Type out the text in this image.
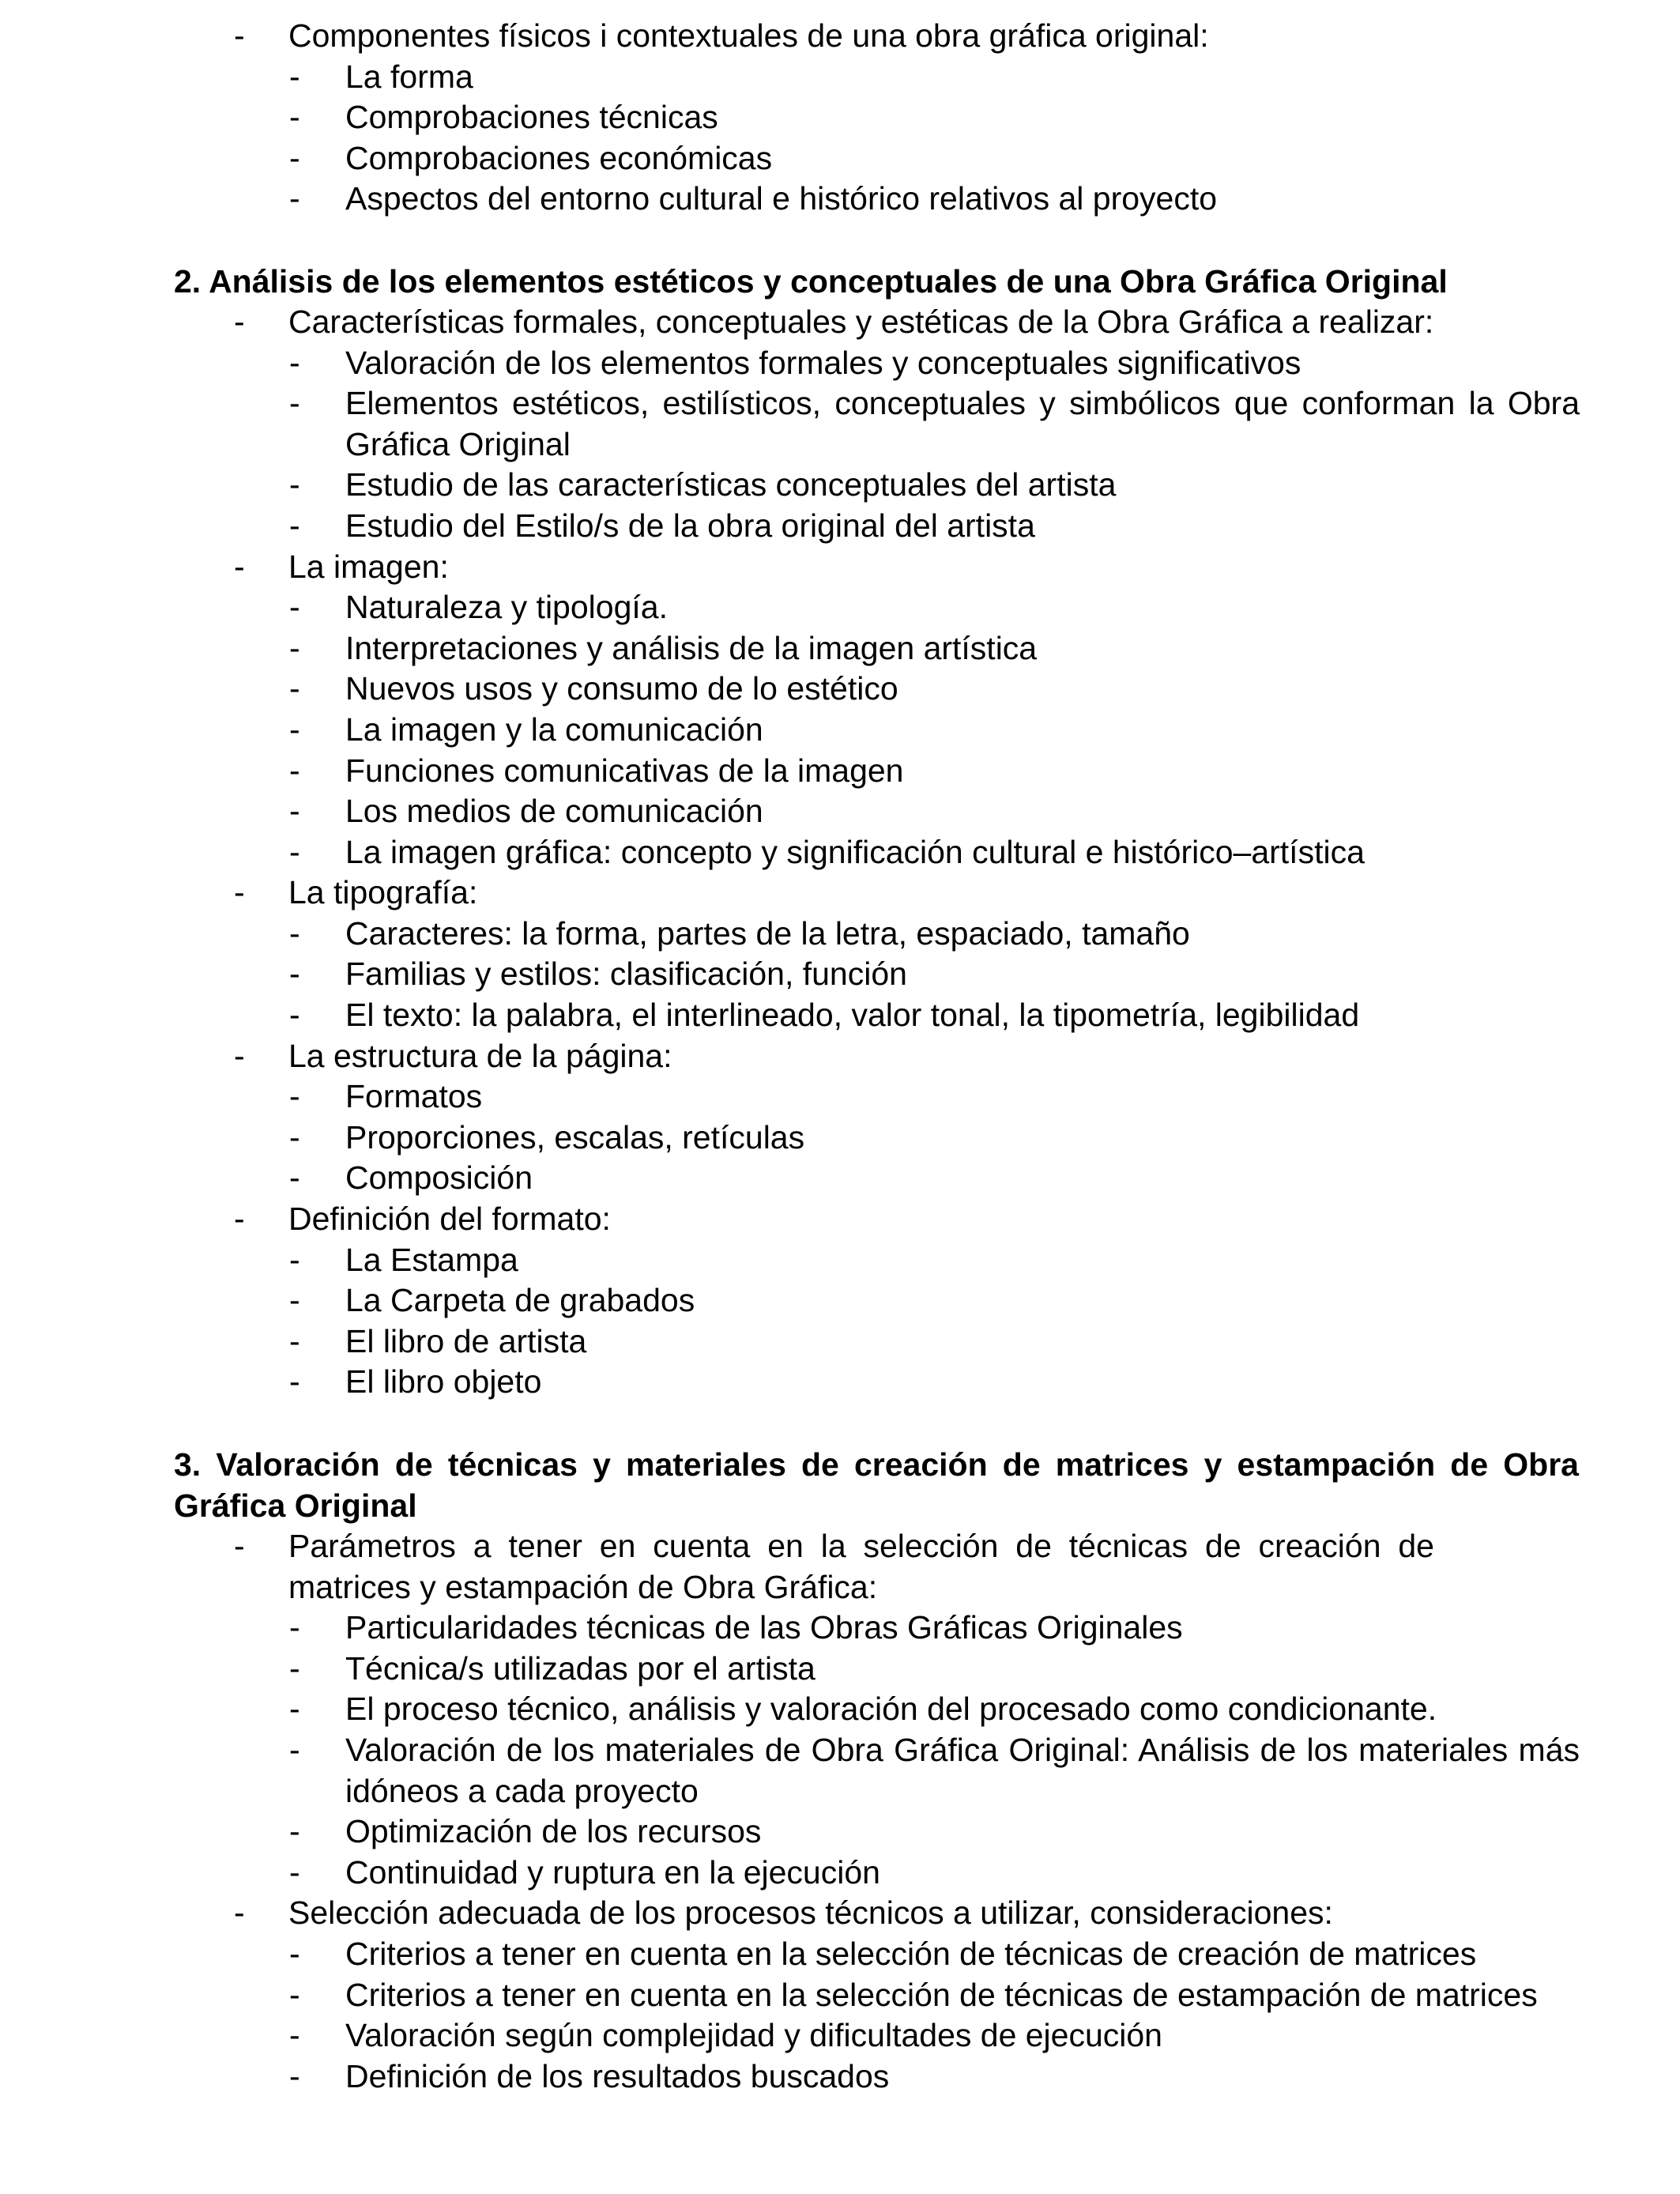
- Componentes físicos i contextuales de una obra gráfica original:
- La forma
- Comprobaciones técnicas
- Comprobaciones económicas
- Aspectos del entorno cultural e histórico relativos al proyecto
2. Análisis de los elementos estéticos y conceptuales de una Obra Gráfica Original
- Características formales, conceptuales y estéticas de la Obra Gráfica a realizar:
- Valoración de los elementos formales y conceptuales significativos
- Elementos estéticos, estilísticos, conceptuales y simbólicos que conforman la Obra Gráfica Original
- Estudio de las características conceptuales del artista
- Estudio del Estilo/s de la obra original del artista
- La imagen:
- Naturaleza y tipología.
- Interpretaciones y análisis de la imagen artística
- Nuevos usos y consumo de lo estético
- La imagen y la comunicación
- Funciones comunicativas de la imagen
- Los medios de comunicación
- La imagen gráfica: concepto y significación cultural e histórico–artística
- La tipografía:
- Caracteres: la forma, partes de la letra, espaciado, tamaño
- Familias y estilos: clasificación, función
- El texto: la palabra, el interlineado, valor tonal, la tipometría, legibilidad
- La estructura de la página:
- Formatos
- Proporciones, escalas, retículas
- Composición
- Definición del formato:
- La Estampa
- La Carpeta de grabados
- El libro de artista
- El libro objeto
3. Valoración de técnicas y materiales de creación de matrices y estampación de Obra Gráfica Original
- Parámetros a tener en cuenta en la selección de técnicas de creación de matrices y estampación de Obra Gráfica:
- Particularidades técnicas de las Obras Gráficas Originales
- Técnica/s utilizadas por el artista
- El proceso técnico, análisis y valoración del procesado como condicionante.
- Valoración de los materiales de Obra Gráfica Original: Análisis de los materiales más idóneos a cada proyecto
- Optimización de los recursos
- Continuidad y ruptura en la ejecución
- Selección adecuada de los procesos técnicos a utilizar, consideraciones:
- Criterios a tener en cuenta en la selección de técnicas de creación de matrices
- Criterios a tener en cuenta en la selección de técnicas de estampación de matrices
- Valoración según complejidad y dificultades de ejecución
- Definición de los resultados buscados
